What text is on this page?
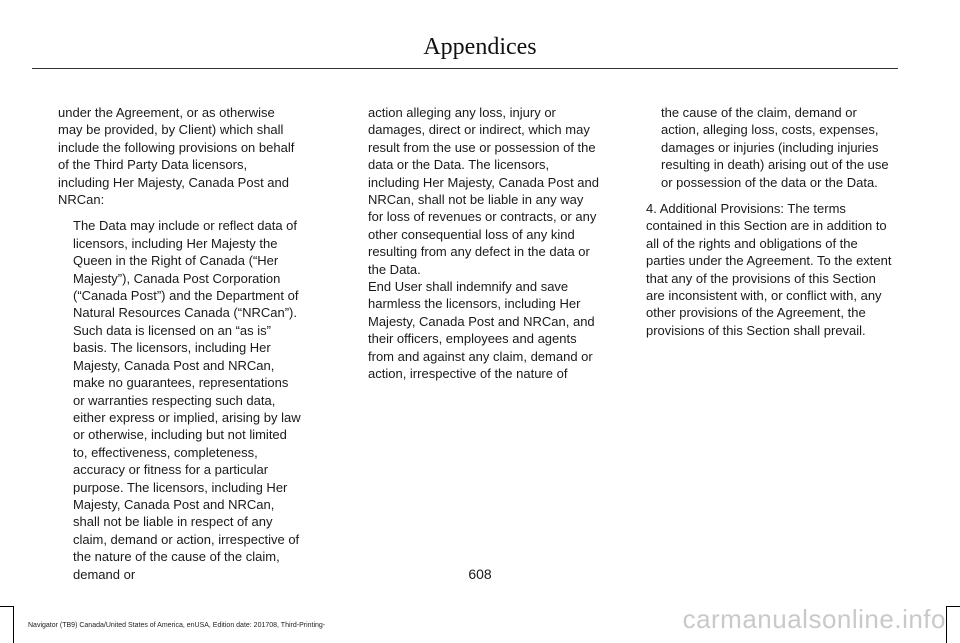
Appendices

under the Agreement, or as otherwise may be provided, by Client) which shall include the following provisions on behalf of the Third Party Data licensors, including Her Majesty, Canada Post and NRCan:

The Data may include or reflect data of licensors, including Her Majesty the Queen in the Right of Canada (“Her Majesty”), Canada Post Corporation (“Canada Post”) and the Department of Natural Resources Canada (“NRCan”). Such data is licensed on an “as is” basis. The licensors, including Her Majesty, Canada Post and NRCan, make no guarantees, representations or warranties respecting such data, either express or implied, arising by law or otherwise, including but not limited to, effectiveness, completeness, accuracy or fitness for a particular purpose. The licensors, including Her Majesty, Canada Post and NRCan, shall not be liable in respect of any claim, demand or action, irrespective of the nature of the cause of the claim, demand or

action alleging any loss, injury or damages, direct or indirect, which may result from the use or possession of the data or the Data. The licensors, including Her Majesty, Canada Post and NRCan, shall not be liable in any way for loss of revenues or contracts, or any other consequential loss of any kind resulting from any defect in the data or the Data.

End User shall indemnify and save harmless the licensors, including Her Majesty, Canada Post and NRCan, and their officers, employees and agents from and against any claim, demand or action, irrespective of the nature of

the cause of the claim, demand or action, alleging loss, costs, expenses, damages or injuries (including injuries resulting in death) arising out of the use or possession of the data or the Data.

4. Additional Provisions: The terms contained in this Section are in addition to all of the rights and obligations of the parties under the Agreement. To the extent that any of the provisions of this Section are inconsistent with, or conflict with, any other provisions of the Agreement, the provisions of this Section shall prevail.

608
Navigator (TB9) Canada/United States of America, enUSA, Edition date: 201708, Third-Printing-	carmanualsonline.info
